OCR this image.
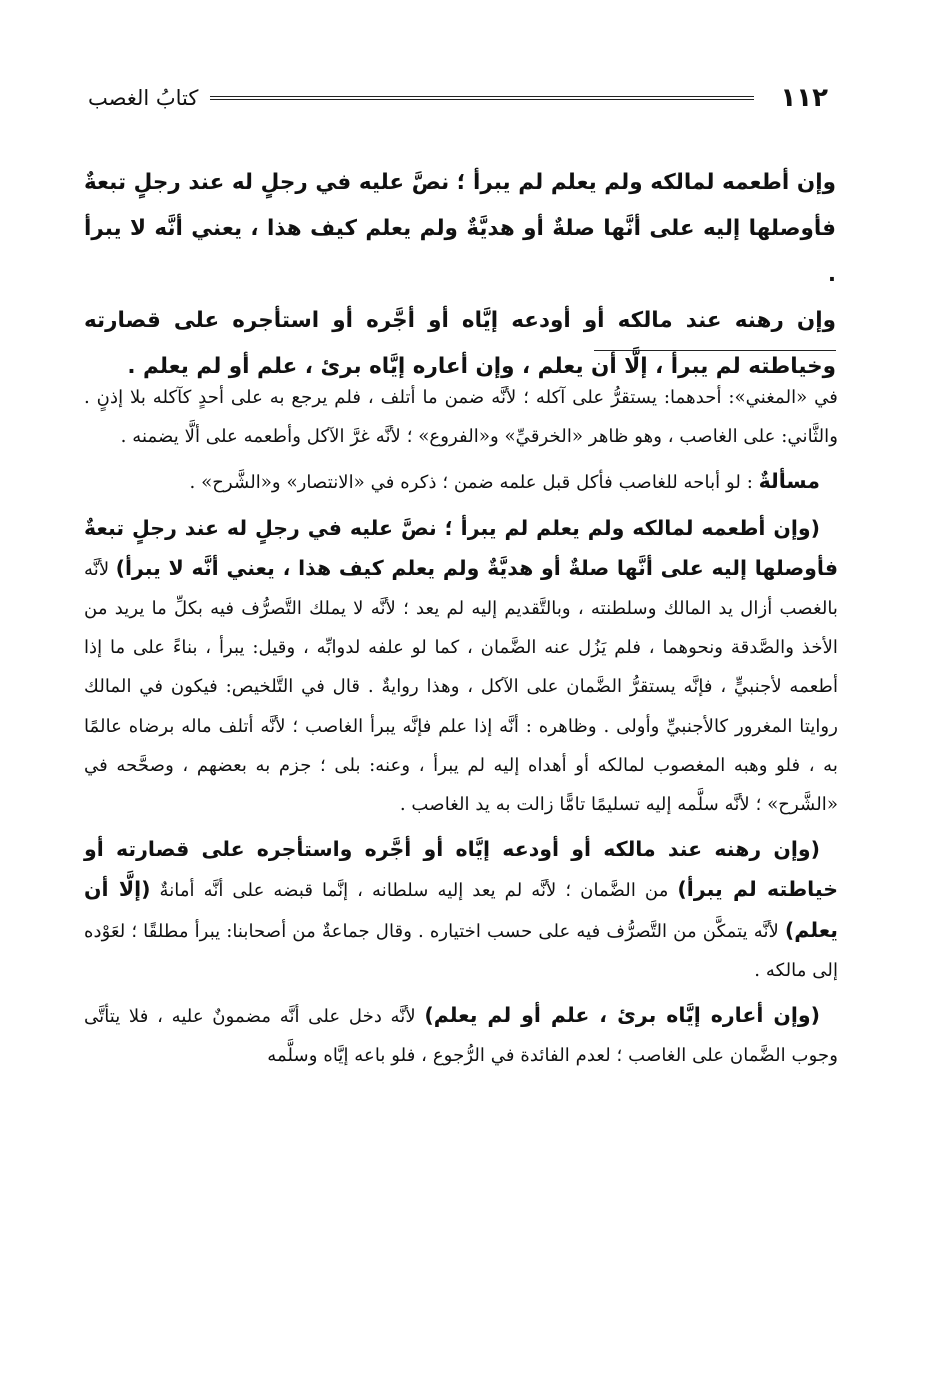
١١٢
كتابُ الغصب

وإن أطعمه لمالكه ولم يعلم لم يبرأ ؛ نصَّ عليه في رجلٍ له عند رجلٍ تبعةٌ فأوصلها إليه على أنَّها صلةٌ أو هديَّةٌ ولم يعلم كيف هذا ، يعني أنَّه لا يبرأ .

وإن رهنه عند مالكه أو أودعه إيَّاه أو أجَّره أو استأجره على قصارته وخياطته لم يبرأ ، إلَّا أن يعلم ، وإن أعاره إيَّاه برئ ، علم أو لم يعلم .

في «المغني»: أحدهما: يستقرُّ على آكله ؛ لأنَّه ضمن ما أتلف ، فلم يرجع به على أحدٍ كآكله بلا إذنٍ . والثَّاني: على الغاصب ، وهو ظاهر «الخرقيِّ» و«الفروع» ؛ لأنَّه غرَّ الآكل وأطعمه على ألَّا يضمنه .

مسألةٌ : لو أباحه للغاصب فأكل قبل علمه ضمن ؛ ذكره في «الانتصار» و«الشَّرح» .

(وإن أطعمه لمالكه ولم يعلم لم يبرأ ؛ نصَّ عليه في رجلٍ له عند رجلٍ تبعةٌ فأوصلها إليه على أنَّها صلةٌ أو هديَّةٌ ولم يعلم كيف هذا ، يعني أنَّه لا يبرأ) لأنَّه بالغصب أزال يد المالك وسلطنته ، وبالتَّقديم إليه لم يعد ؛ لأنَّه لا يملك التَّصرُّف فيه بكلِّ ما يريد من الأخذ والصَّدقة ونحوهما ، فلم يَزُل عنه الضَّمان ، كما لو علفه لدوابِّه ، وقيل: يبرأ ، بناءً على ما إذا أطعمه لأجنبيٍّ ، فإنَّه يستقرُّ الضَّمان على الآكل ، وهذا روايةٌ . قال في التَّلخيص: فيكون في المالك روايتا المغرور كالأجنبيِّ وأولى . وظاهره : أنَّه إذا علم فإنَّه يبرأ الغاصب ؛ لأنَّه أتلف ماله برضاه عالمًا به ، فلو وهبه المغصوب لمالكه أو أهداه إليه لم يبرأ ، وعنه: بلى ؛ جزم به بعضهم ، وصحَّحه في «الشَّرح» ؛ لأنَّه سلَّمه إليه تسليمًا تامًّا زالت به يد الغاصب .

(وإن رهنه عند مالكه أو أودعه إيَّاه أو أجَّره واستأجره على قصارته أو خياطته لم يبرأ) من الضَّمان ؛ لأنَّه لم يعد إليه سلطانه ، إنَّما قبضه على أنَّه أمانةٌ (إلَّا أن يعلم) لأنَّه يتمكَّن من التَّصرُّف فيه على حسب اختياره . وقال جماعةٌ من أصحابنا: يبرأ مطلقًا ؛ لعَوْده إلى مالكه .

(وإن أعاره إيَّاه برئ ، علم أو لم يعلم) لأنَّه دخل على أنَّه مضمونٌ عليه ، فلا يتأتَّى وجوب الضَّمان على الغاصب ؛ لعدم الفائدة في الرُّجوع ، فلو باعه إيَّاه وسلَّمه
